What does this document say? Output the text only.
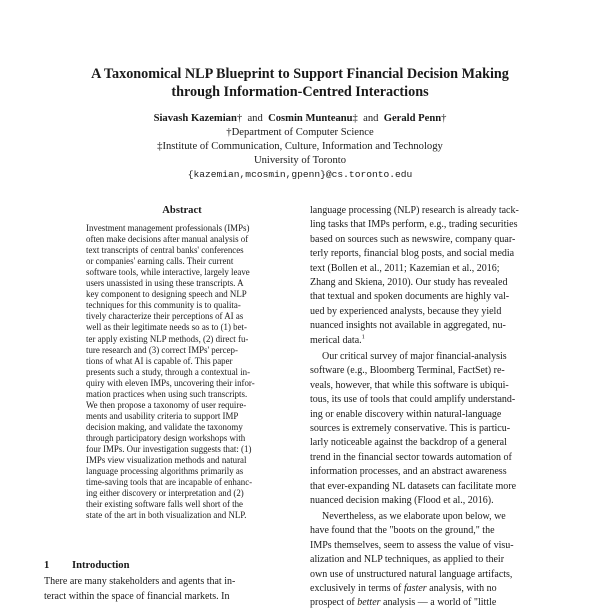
A Taxonomical NLP Blueprint to Support Financial Decision Making
through Information-Centred Interactions
Siavash Kazemian† and Cosmin Munteanu‡ and Gerald Penn†
†Department of Computer Science
‡Institute of Communication, Culture, Information and Technology
University of Toronto
{kazemian,mcosmin,gpenn}@cs.toronto.edu
Abstract
Investment management professionals (IMPs)
often make decisions after manual analysis of
text transcripts of central banks' conferences
or companies' earning calls. Their current
software tools, while interactive, largely leave
users unassisted in using these transcripts. A
key component to designing speech and NLP
techniques for this community is to qualita-
tively characterize their perceptions of AI as
well as their legitimate needs so as to (1) bet-
ter apply existing NLP methods, (2) direct fu-
ture research and (3) correct IMPs' percep-
tions of what AI is capable of. This paper
presents such a study, through a contextual in-
quiry with eleven IMPs, uncovering their infor-
mation practices when using such transcripts.
We then propose a taxonomy of user require-
ments and usability criteria to support IMP
decision making, and validate the taxonomy
through participatory design workshops with
four IMPs. Our investigation suggests that: (1)
IMPs view visualization methods and natural
language processing algorithms primarily as
time-saving tools that are incapable of enhanc-
ing either discovery or interpretation and (2)
their existing software falls well short of the
state of the art in both visualization and NLP.
1 Introduction
There are many stakeholders and agents that in-
teract within the space of financial markets. In
language processing (NLP) research is already tack-
ling tasks that IMPs perform, e.g., trading securities
based on sources such as newswire, company quar-
terly reports, financial blog posts, and social media
text (Bollen et al., 2011; Kazemian et al., 2016;
Zhang and Skiena, 2010). Our study has revealed
that textual and spoken documents are highly val-
ued by experienced analysts, because they yield
nuanced insights not available in aggregated, nu-
merical data.$^1$
Our critical survey of major financial-analysis
software (e.g., Bloomberg Terminal, FactSet) re-
veals, however, that while this software is ubiqui-
tous, its use of tools that could amplify understand-
ing or enable discovery within natural-language
sources is extremely conservative. This is particu-
larly noticeable against the backdrop of a general
trend in the financial sector towards automation of
information processes, and an abstract awareness
that ever-expanding NL datasets can facilitate more
nuanced decision making (Flood et al., 2016).
Nevertheless, as we elaborate upon below, we
have found that the "boots on the ground," the
IMPs themselves, seem to assess the value of visu-
alization and NLP techniques, as applied to their
own use of unstructured natural language artifacts,
exclusively in terms of faster analysis, with no
prospect of better analysis — a world of "little
